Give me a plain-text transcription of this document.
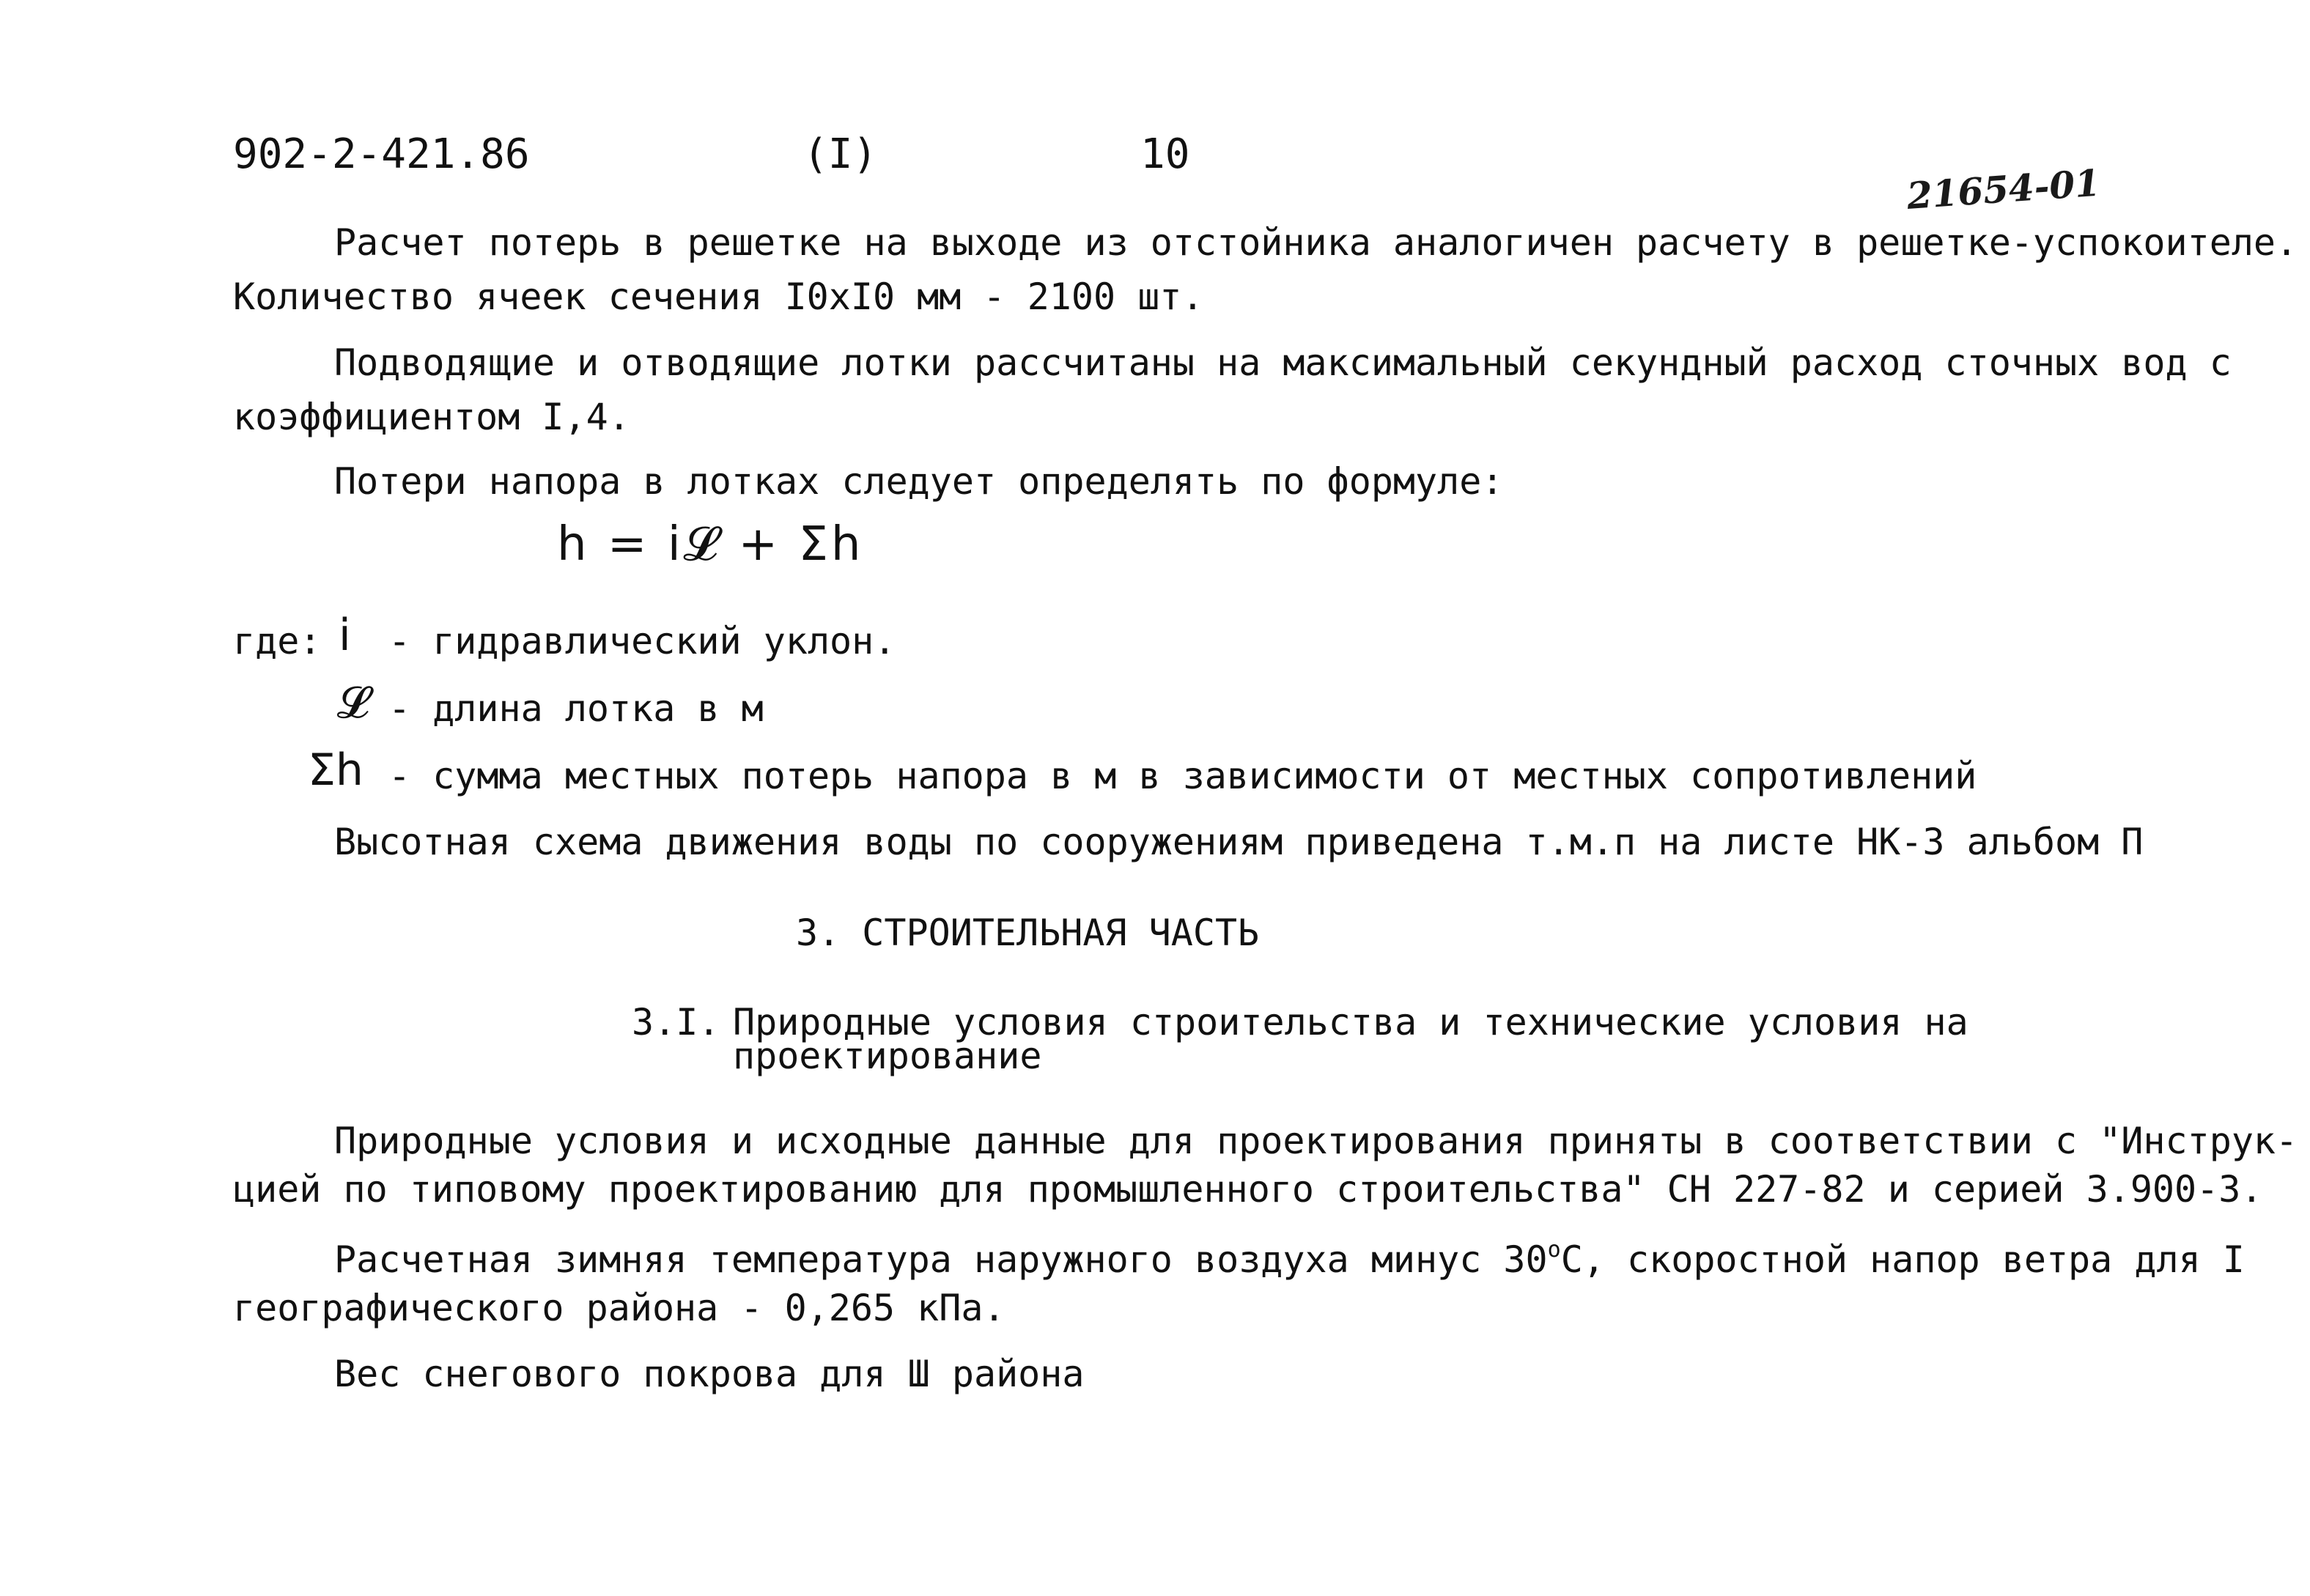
902-2-421.86	(I)	10
21654-01
Расчет потерь в решетке на выходе из отстойника аналогичен расчету в решетке-успокоителе.
Количество ячеек сечения I0xI0 мм - 2100 шт.
Подводящие и отводящие лотки рассчитаны на максимальный секундный расход сточных вод с
коэффициентом I,4.
Потери напора в лотках следует определять по формуле:
h = i𝓛 + Σh
где: i - гидравлический уклон.
𝓛 - длина лотка в м
Σh - сумма местных потерь напора в м в зависимости от местных сопротивлений
Высотная схема движения воды по сооружениям приведена т.м.п на листе НК-3 альбом П
3. СТРОИТЕЛЬНАЯ ЧАСТЬ
3.I. Природные условия строительства и технические условия на
проектирование
Природные условия и исходные данные для проектирования приняты в соответствии с "Инструк-
цией по типовому проектированию для промышленного строительства" СН 227-82 и серией 3.900-3.
Расчетная зимняя температура наружного воздуха минус $30^оС$, скоростной напор ветра для I
географического района - 0,265 кПа.
Вес снегового покрова для Ш района
